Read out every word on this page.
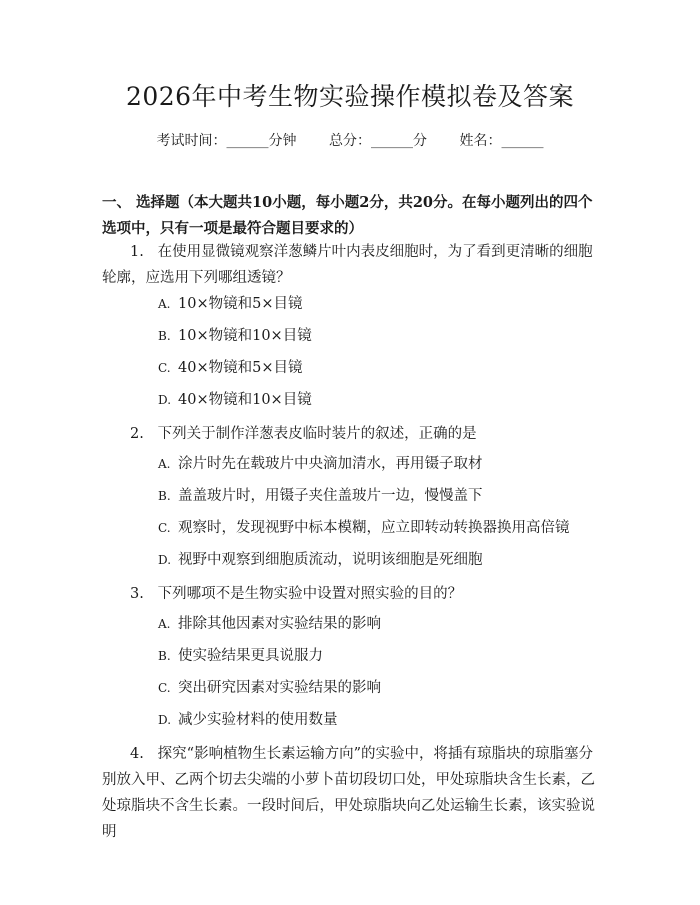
2026年中考生物实验操作模拟卷及答案
考试时间：______分钟 总分：______分 姓名：______
一、 选择题（本大题共10小题，每小题2分，共20分。在每小题列出的四个选项中，只有一项是最符合题目要求的）
1. 在使用显微镜观察洋葱鳞片叶内表皮细胞时，为了看到更清晰的细胞轮廓，应选用下列哪组透镜？
A. 10×物镜和5×目镜
B. 10×物镜和10×目镜
C. 40×物镜和5×目镜
D. 40×物镜和10×目镜
2. 下列关于制作洋葱表皮临时装片的叙述，正确的是
A. 涂片时先在载玻片中央滴加清水，再用镊子取材
B. 盖盖玻片时，用镊子夹住盖玻片一边，慢慢盖下
C. 观察时，发现视野中标本模糊，应立即转动转换器换用高倍镜
D. 视野中观察到细胞质流动，说明该细胞是死细胞
3. 下列哪项不是生物实验中设置对照实验的目的？
A. 排除其他因素对实验结果的影响
B. 使实验结果更具说服力
C. 突出研究因素对实验结果的影响
D. 减少实验材料的使用数量
4. 探究“影响植物生长素运输方向”的实验中，将插有琼脂块的琼脂塞分别放入甲、乙两个切去尖端的小萝卜苗切段切口处，甲处琼脂块含生长素，乙处琼脂块不含生长素。一段时间后，甲处琼脂块向乙处运输生长素，该实验说明
